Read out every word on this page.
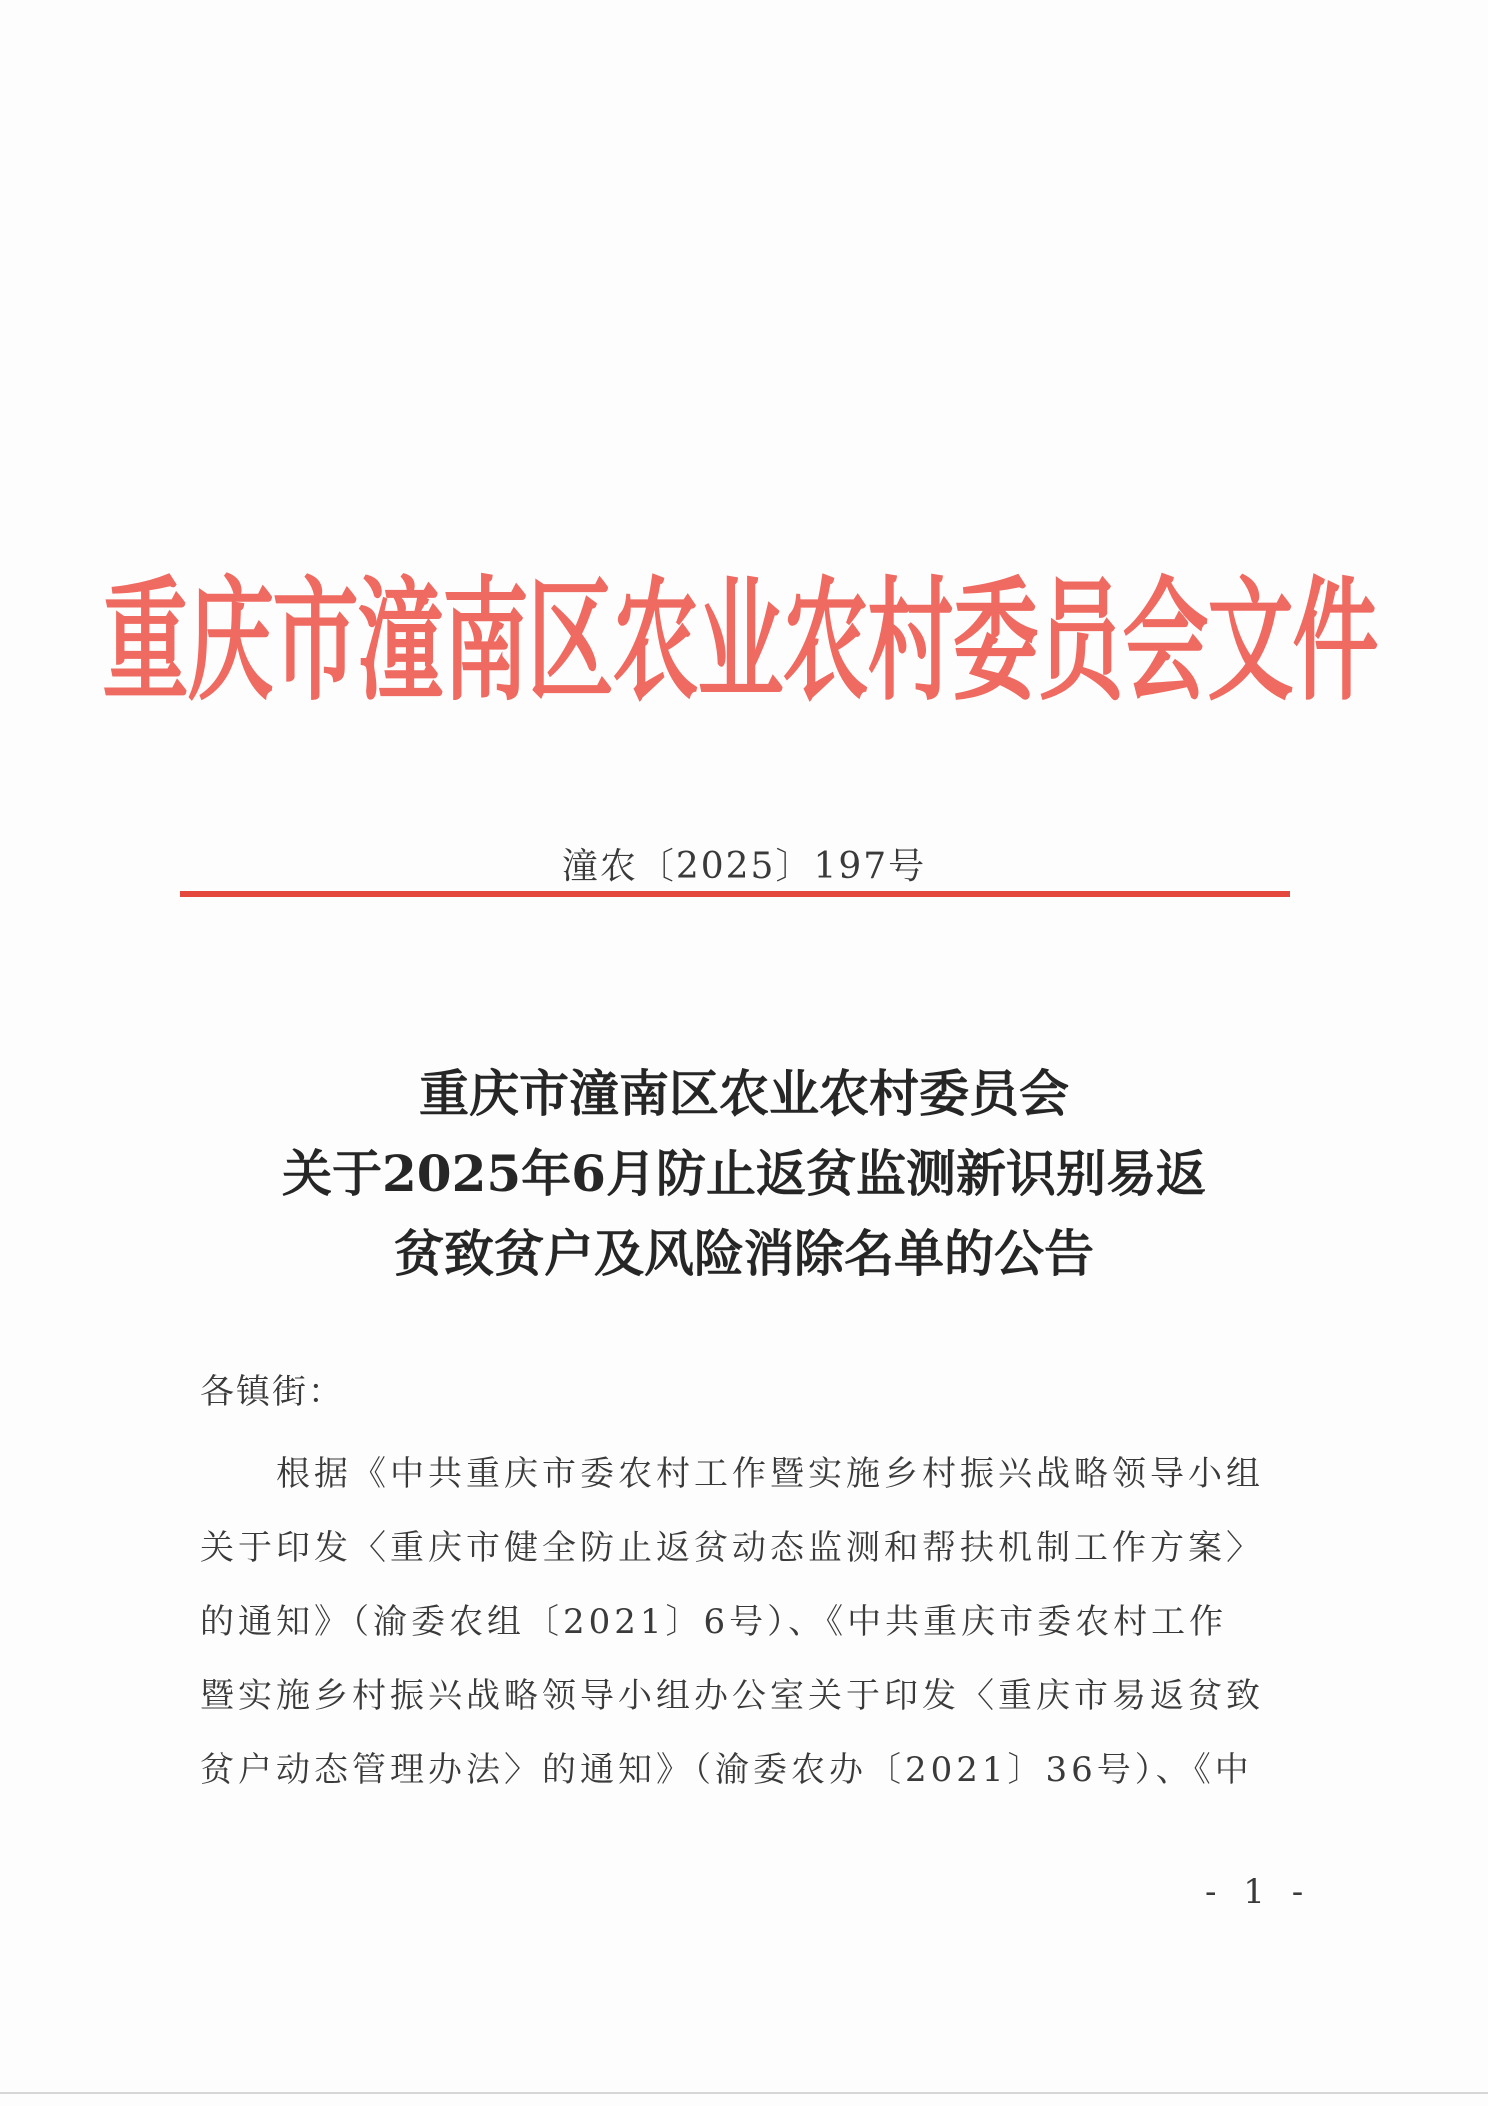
重庆市潼南区农业农村委员会文件
潼农〔2025〕197号
重庆市潼南区农业农村委员会
关于2025年6月防止返贫监测新识别易返
贫致贫户及风险消除名单的公告
各镇街：
根据《中共重庆市委农村工作暨实施乡村振兴战略领导小组
关于印发〈重庆市健全防止返贫动态监测和帮扶机制工作方案〉
的通知》（渝委农组〔2021〕6号）、《中共重庆市委农村工作
暨实施乡村振兴战略领导小组办公室关于印发〈重庆市易返贫致
贫户动态管理办法〉的通知》（渝委农办〔2021〕36号）、《中
- 1 -
